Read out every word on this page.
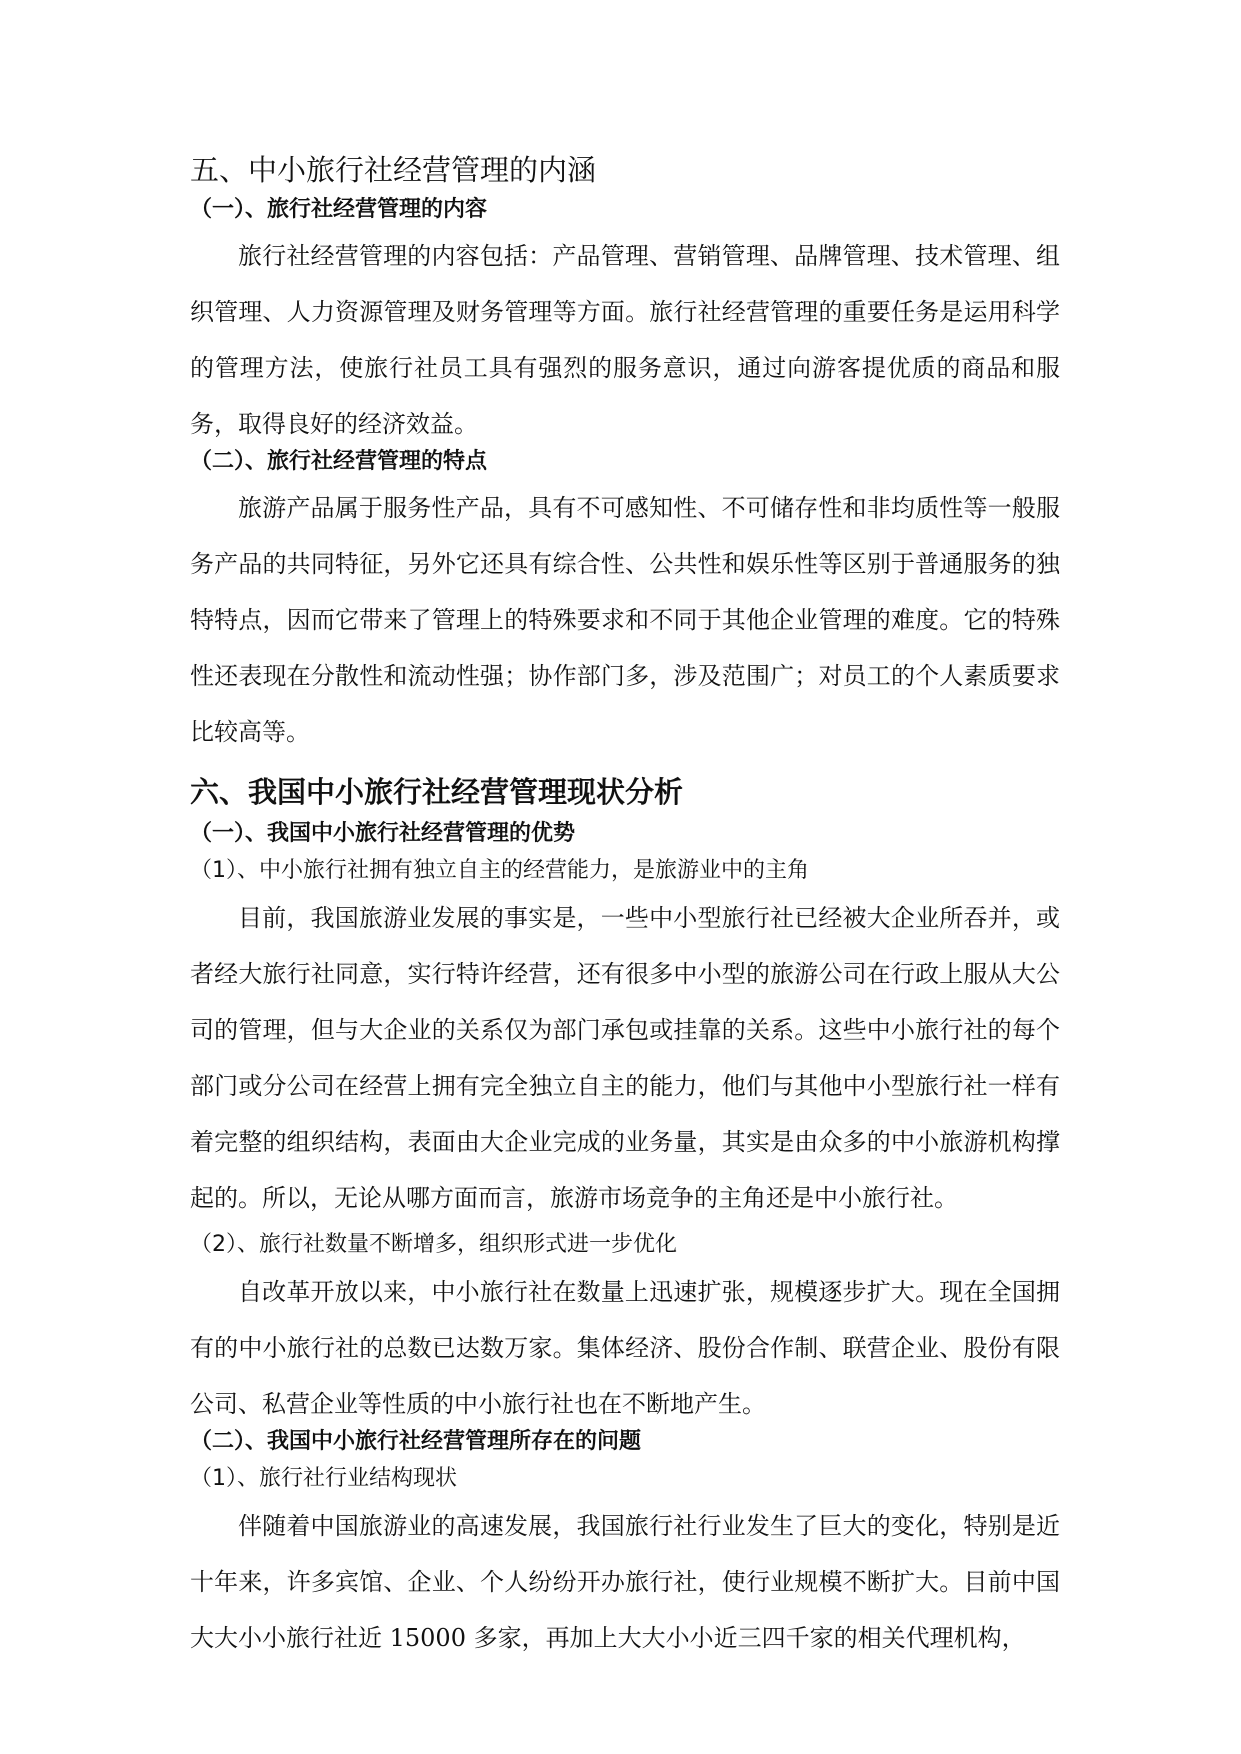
五、中小旅行社经营管理的内涵

（一）、旅行社经营管理的内容

旅行社经营管理的内容包括：产品管理、营销管理、品牌管理、技术管理、组织管理、人力资源管理及财务管理等方面。旅行社经营管理的重要任务是运用科学的管理方法，使旅行社员工具有强烈的服务意识，通过向游客提优质的商品和服务，取得良好的经济效益。

（二）、旅行社经营管理的特点

旅游产品属于服务性产品，具有不可感知性、不可储存性和非均质性等一般服务产品的共同特征，另外它还具有综合性、公共性和娱乐性等区别于普通服务的独特特点，因而它带来了管理上的特殊要求和不同于其他企业管理的难度。它的特殊性还表现在分散性和流动性强；协作部门多，涉及范围广；对员工的个人素质要求比较高等。

六、我国中小旅行社经营管理现状分析

（一）、我国中小旅行社经营管理的优势

（1）、中小旅行社拥有独立自主的经营能力，是旅游业中的主角

目前，我国旅游业发展的事实是，一些中小型旅行社已经被大企业所吞并，或者经大旅行社同意，实行特许经营，还有很多中小型的旅游公司在行政上服从大公司的管理，但与大企业的关系仅为部门承包或挂靠的关系。这些中小旅行社的每个部门或分公司在经营上拥有完全独立自主的能力，他们与其他中小型旅行社一样有着完整的组织结构，表面由大企业完成的业务量，其实是由众多的中小旅游机构撑起的。所以，无论从哪方面而言，旅游市场竞争的主角还是中小旅行社。

（2）、旅行社数量不断增多，组织形式进一步优化

自改革开放以来，中小旅行社在数量上迅速扩张，规模逐步扩大。现在全国拥有的中小旅行社的总数已达数万家。集体经济、股份合作制、联营企业、股份有限公司、私营企业等性质的中小旅行社也在不断地产生。

（二）、我国中小旅行社经营管理所存在的问题

（1）、旅行社行业结构现状

伴随着中国旅游业的高速发展，我国旅行社行业发生了巨大的变化，特别是近十年来，许多宾馆、企业、个人纷纷开办旅行社，使行业规模不断扩大。目前中国大大小小旅行社近 15000 多家，再加上大大小小近三四千家的相关代理机构，
